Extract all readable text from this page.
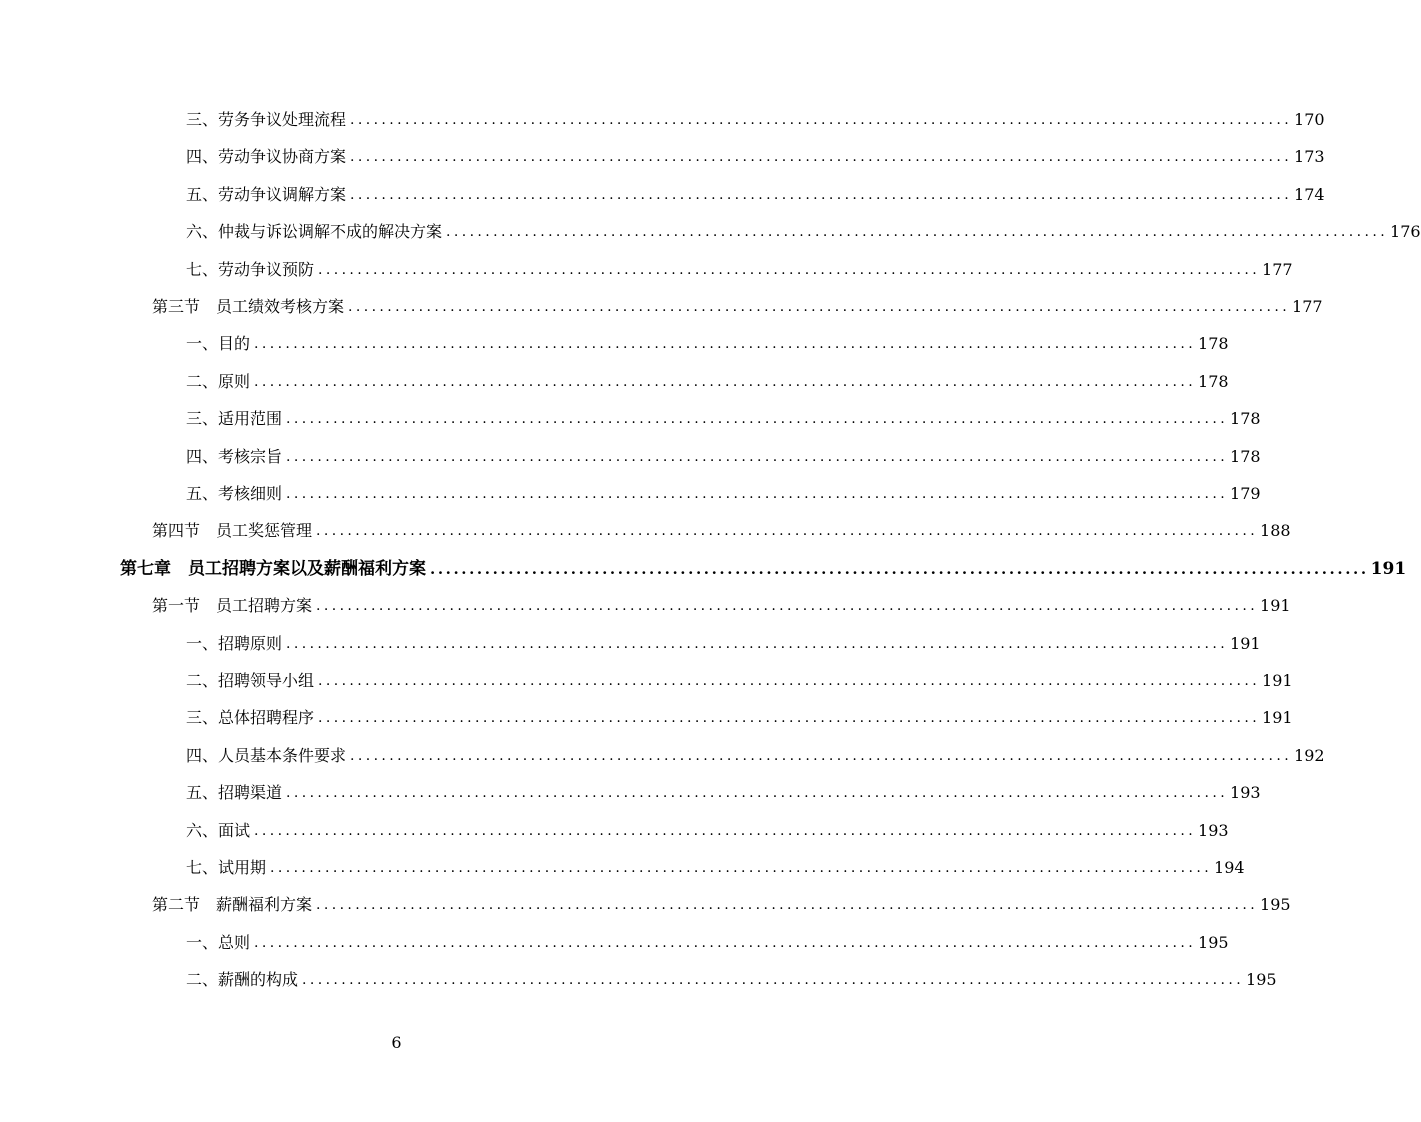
三、劳务争议处理流程 ........................................................................................................................ 170
四、劳动争议协商方案 ........................................................................................................................ 173
五、劳动争议调解方案 ........................................................................................................................ 174
六、仲裁与诉讼调解不成的解决方案 ........................................................................................................................ 176
七、劳动争议预防 ........................................................................................................................ 177
第三节　员工绩效考核方案 ........................................................................................................................ 177
一、目的 ........................................................................................................................ 178
二、原则 ........................................................................................................................ 178
三、适用范围 ........................................................................................................................ 178
四、考核宗旨 ........................................................................................................................ 178
五、考核细则 ........................................................................................................................ 179
第四节　员工奖惩管理 ........................................................................................................................ 188
第七章　员工招聘方案以及薪酬福利方案 ........................................................................................................................ 191
第一节　员工招聘方案 ........................................................................................................................ 191
一、招聘原则 ........................................................................................................................ 191
二、招聘领导小组 ........................................................................................................................ 191
三、总体招聘程序 ........................................................................................................................ 191
四、人员基本条件要求 ........................................................................................................................ 192
五、招聘渠道 ........................................................................................................................ 193
六、面试 ........................................................................................................................ 193
七、试用期 ........................................................................................................................ 194
第二节　薪酬福利方案 ........................................................................................................................ 195
一、总则 ........................................................................................................................ 195
二、薪酬的构成 ........................................................................................................................ 195
6
